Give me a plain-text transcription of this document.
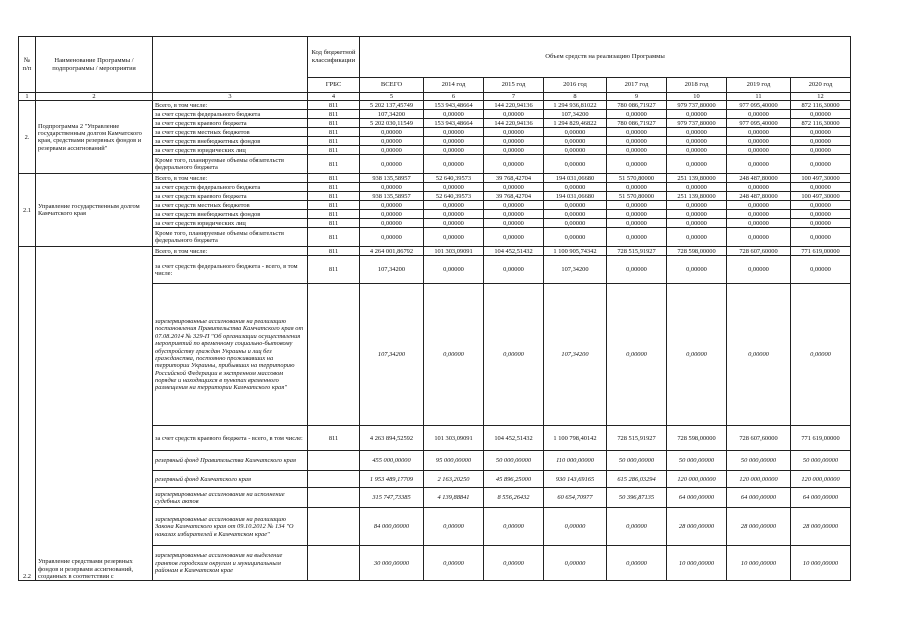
№ п/п	Наименование Программы / подпрограммы / мероприятия		Код бюджетной классификации	Объем средств на реализацию Программы							
			ГРБС	ВСЕГО	2014 год	2015 год	2016 год	2017 год	2018 год	2019 год	2020 год
1	2	3	4	5	6	7	8	9	10	11	12
2.	Подпрограмма 2 "Управление государственным долгом Камчатского края, средствами резервных фондов и резервами ассигнований"	Всего, в том числе:	811	5 202 137,45749	153 943,48664	144 220,94136	1 294 936,81022	780 086,71927	979 737,80000	977 095,40000	872 116,30000
		за счет средств федерального бюджета	811	107,34200	0,00000	0,00000	107,34200	0,00000	0,00000	0,00000	0,00000
		за счет средств краевого бюджета	811	5 202 030,11549	153 943,48664	144 220,94136	1 294 829,46822	780 086,71927	979 737,80000	977 095,40000	872 116,30000
		за счет средств местных бюджетов	811	0,00000	0,00000	0,00000	0,00000	0,00000	0,00000	0,00000	0,00000
		за счет средств внебюджетных фондов	811	0,00000	0,00000	0,00000	0,00000	0,00000	0,00000	0,00000	0,00000
		за счет средств юридических лиц	811	0,00000	0,00000	0,00000	0,00000	0,00000	0,00000	0,00000	0,00000
		Кроме того, планируемые объемы обязательств федерального бюджета	811	0,00000	0,00000	0,00000	0,00000	0,00000	0,00000	0,00000	0,00000
2.1	Управление государственным долгом Камчатского края	Всего, в том числе:	811	938 135,58957	52 640,39573	39 768,42704	194 031,06680	51 570,80000	251 139,80000	248 487,80000	100 497,30000
		за счет средств федерального бюджета	811	0,00000	0,00000	0,00000	0,00000	0,00000	0,00000	0,00000	0,00000
		за счет средств краевого бюджета	811	938 135,58957	52 640,39573	39 768,42704	194 031,06680	51 570,80000	251 139,80000	248 487,80000	100 497,30000
		за счет средств местных бюджетов	811	0,00000	0,00000	0,00000	0,00000	0,00000	0,00000	0,00000	0,00000
		за счет средств внебюджетных фондов	811	0,00000	0,00000	0,00000	0,00000	0,00000	0,00000	0,00000	0,00000
		за счет средств юридических лиц	811	0,00000	0,00000	0,00000	0,00000	0,00000	0,00000	0,00000	0,00000
		Кроме того, планируемые объемы обязательств федерального бюджета	811	0,00000	0,00000	0,00000	0,00000	0,00000	0,00000	0,00000	0,00000
2.2	Управление средствами резервных фондов и резервами ассигнований, созданных в соответствии с	Всего, в том числе:	811	4 264 001,86792	101 303,09091	104 452,51432	1 100 905,74342	728 515,91927	728 598,00000	728 607,60000	771 619,00000
		за счет средств федерального бюджета - всего, в том числе:	811	107,34200	0,00000	0,00000	107,34200	0,00000	0,00000	0,00000	0,00000
		зарезервированные ассигнования на реализацию постановления Правительства Камчатского края от 07.08.2014 № 329-П "Об организации осуществления мероприятий по временному социально-бытовому обустройству граждан Украины и лиц без гражданства, постоянно проживавших на территории Украины, прибывших на территорию Российской Федерации в экстренном массовом порядке и находящихся в пунктах временного размещения на территории Камчатского края"		107,34200	0,00000	0,00000	107,34200	0,00000	0,00000	0,00000	0,00000
		за счет средств краевого бюджета - всего, в том числе:	811	4 263 894,52592	101 303,09091	104 452,51432	1 100 798,40142	728 515,91927	728 598,00000	728 607,60000	771 619,00000
		резервный фонд Правительства Камчатского края		455 000,00000	95 000,00000	50 000,00000	110 000,00000	50 000,00000	50 000,00000	50 000,00000	50 000,00000
		резервный фонд Камчатского края		1 953 489,17709	2 163,20250	45 896,25000	930 143,69165	615 286,03294	120 000,00000	120 000,00000	120 000,00000
		зарезервированные ассигнования на исполнение судебных актов		315 747,73385	4 139,88841	8 556,26432	60 654,70977	50 396,87135	64 000,00000	64 000,00000	64 000,00000
		зарезервированные ассигнования на реализацию Закона Камчатского края от 09.10.2012 № 134 "О наказах избирателей в Камчатском крае"		84 000,00000	0,00000	0,00000	0,00000	0,00000	28 000,00000	28 000,00000	28 000,00000
		зарезервированные ассигнования на выделение грантов городским округам и муниципальным районам в Камчатском крае		30 000,00000	0,00000	0,00000	0,00000	0,00000	10 000,00000	10 000,00000	10 000,00000
